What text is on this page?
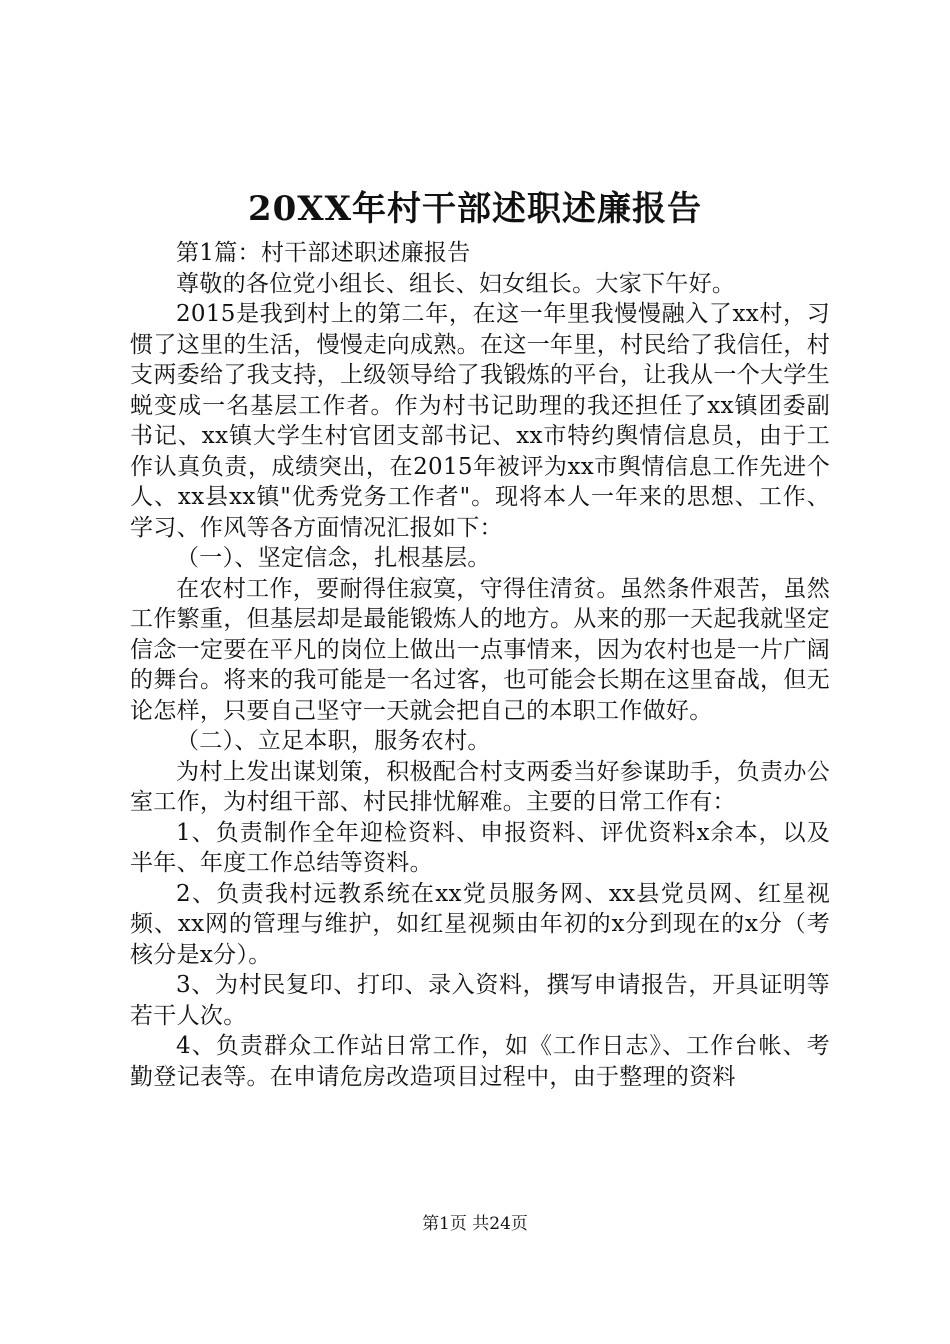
20XX年村干部述职述廉报告

第1篇：村干部述职述廉报告

尊敬的各位党小组长、组长、妇女组长。大家下午好。

2015是我到村上的第二年，在这一年里我慢慢融入了xx村，习惯了这里的生活，慢慢走向成熟。在这一年里，村民给了我信任，村支两委给了我支持，上级领导给了我锻炼的平台，让我从一个大学生蜕变成一名基层工作者。作为村书记助理的我还担任了xx镇团委副书记、xx镇大学生村官团支部书记、xx市特约舆情信息员，由于工作认真负责，成绩突出，在2015年被评为xx市舆情信息工作先进个人、xx县xx镇"优秀党务工作者"。现将本人一年来的思想、工作、学习、作风等各方面情况汇报如下：

（一）、坚定信念，扎根基层。

在农村工作，要耐得住寂寞，守得住清贫。虽然条件艰苦，虽然工作繁重，但基层却是最能锻炼人的地方。从来的那一天起我就坚定信念一定要在平凡的岗位上做出一点事情来，因为农村也是一片广阔的舞台。将来的我可能是一名过客，也可能会长期在这里奋战，但无论怎样，只要自己坚守一天就会把自己的本职工作做好。

（二）、立足本职，服务农村。

为村上发出谋划策，积极配合村支两委当好参谋助手，负责办公室工作，为村组干部、村民排忧解难。主要的日常工作有：

1、负责制作全年迎检资料、申报资料、评优资料x余本，以及半年、年度工作总结等资料。

2、负责我村远教系统在xx党员服务网、xx县党员网、红星视频、xx网的管理与维护，如红星视频由年初的x分到现在的x分（考核分是x分）。

3、为村民复印、打印、录入资料，撰写申请报告，开具证明等若干人次。

4、负责群众工作站日常工作，如《工作日志》、工作台帐、考勤登记表等。在申请危房改造项目过程中，由于整理的资料

第1页 共24页
